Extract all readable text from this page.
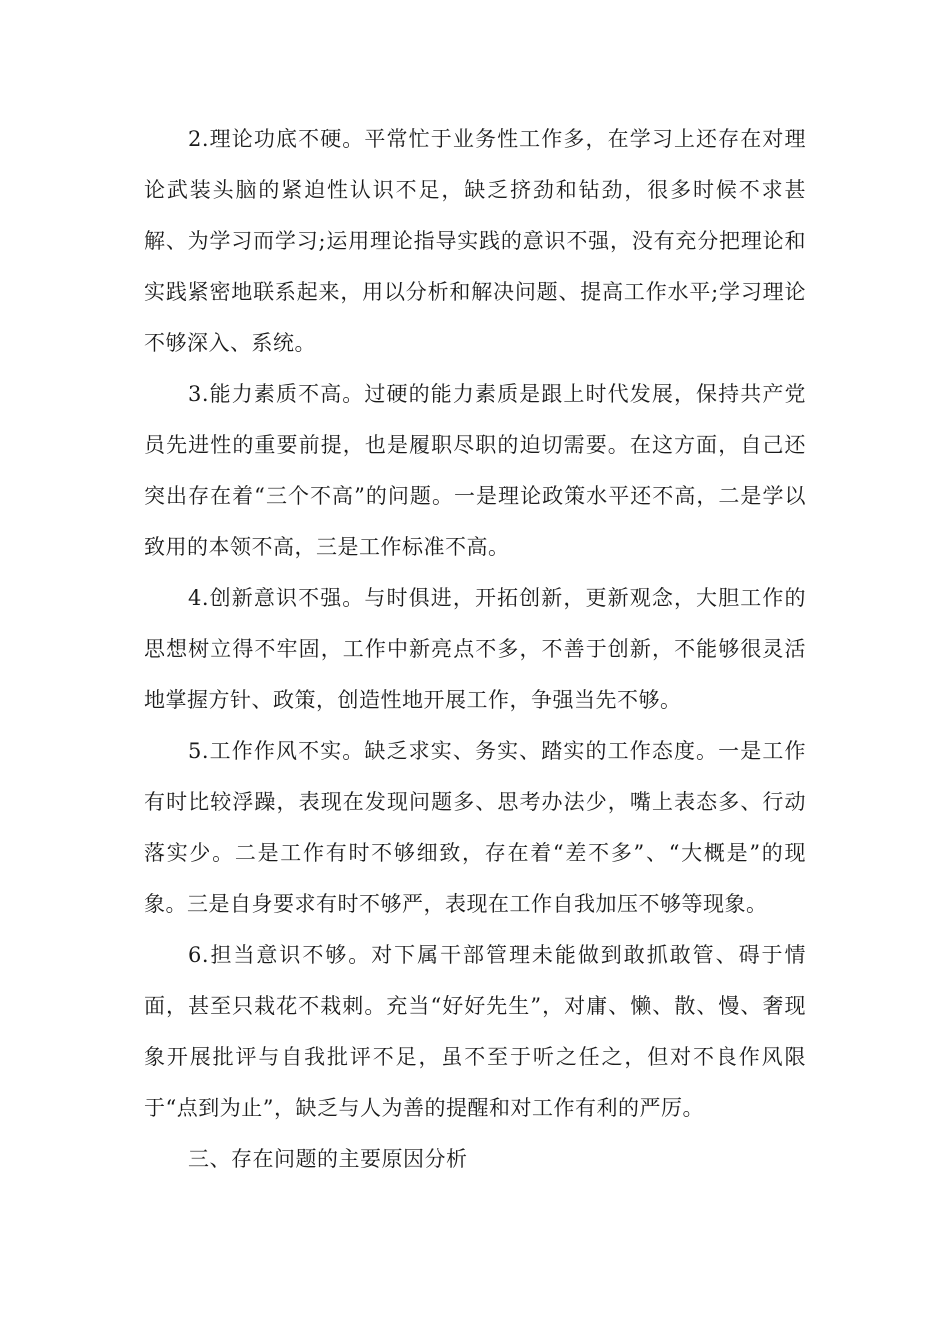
2.理论功底不硬。平常忙于业务性工作多，在学习上还存在对理论武装头脑的紧迫性认识不足，缺乏挤劲和钻劲，很多时候不求甚解、为学习而学习;运用理论指导实践的意识不强，没有充分把理论和实践紧密地联系起来，用以分析和解决问题、提高工作水平;学习理论不够深入、系统。

3.能力素质不高。过硬的能力素质是跟上时代发展，保持共产党员先进性的重要前提，也是履职尽职的迫切需要。在这方面，自己还突出存在着“三个不高”的问题。一是理论政策水平还不高，二是学以致用的本领不高，三是工作标准不高。

4.创新意识不强。与时俱进，开拓创新，更新观念，大胆工作的思想树立得不牢固，工作中新亮点不多，不善于创新，不能够很灵活地掌握方针、政策，创造性地开展工作，争强当先不够。

5.工作作风不实。缺乏求实、务实、踏实的工作态度。一是工作有时比较浮躁，表现在发现问题多、思考办法少，嘴上表态多、行动落实少。二是工作有时不够细致，存在着“差不多”、“大概是”的现象。三是自身要求有时不够严，表现在工作自我加压不够等现象。

6.担当意识不够。对下属干部管理未能做到敢抓敢管、碍于情面，甚至只栽花不栽刺。充当“好好先生”，对庸、懒、散、慢、奢现象开展批评与自我批评不足，虽不至于听之任之，但对不良作风限于“点到为止”，缺乏与人为善的提醒和对工作有利的严厉。

三、存在问题的主要原因分析
